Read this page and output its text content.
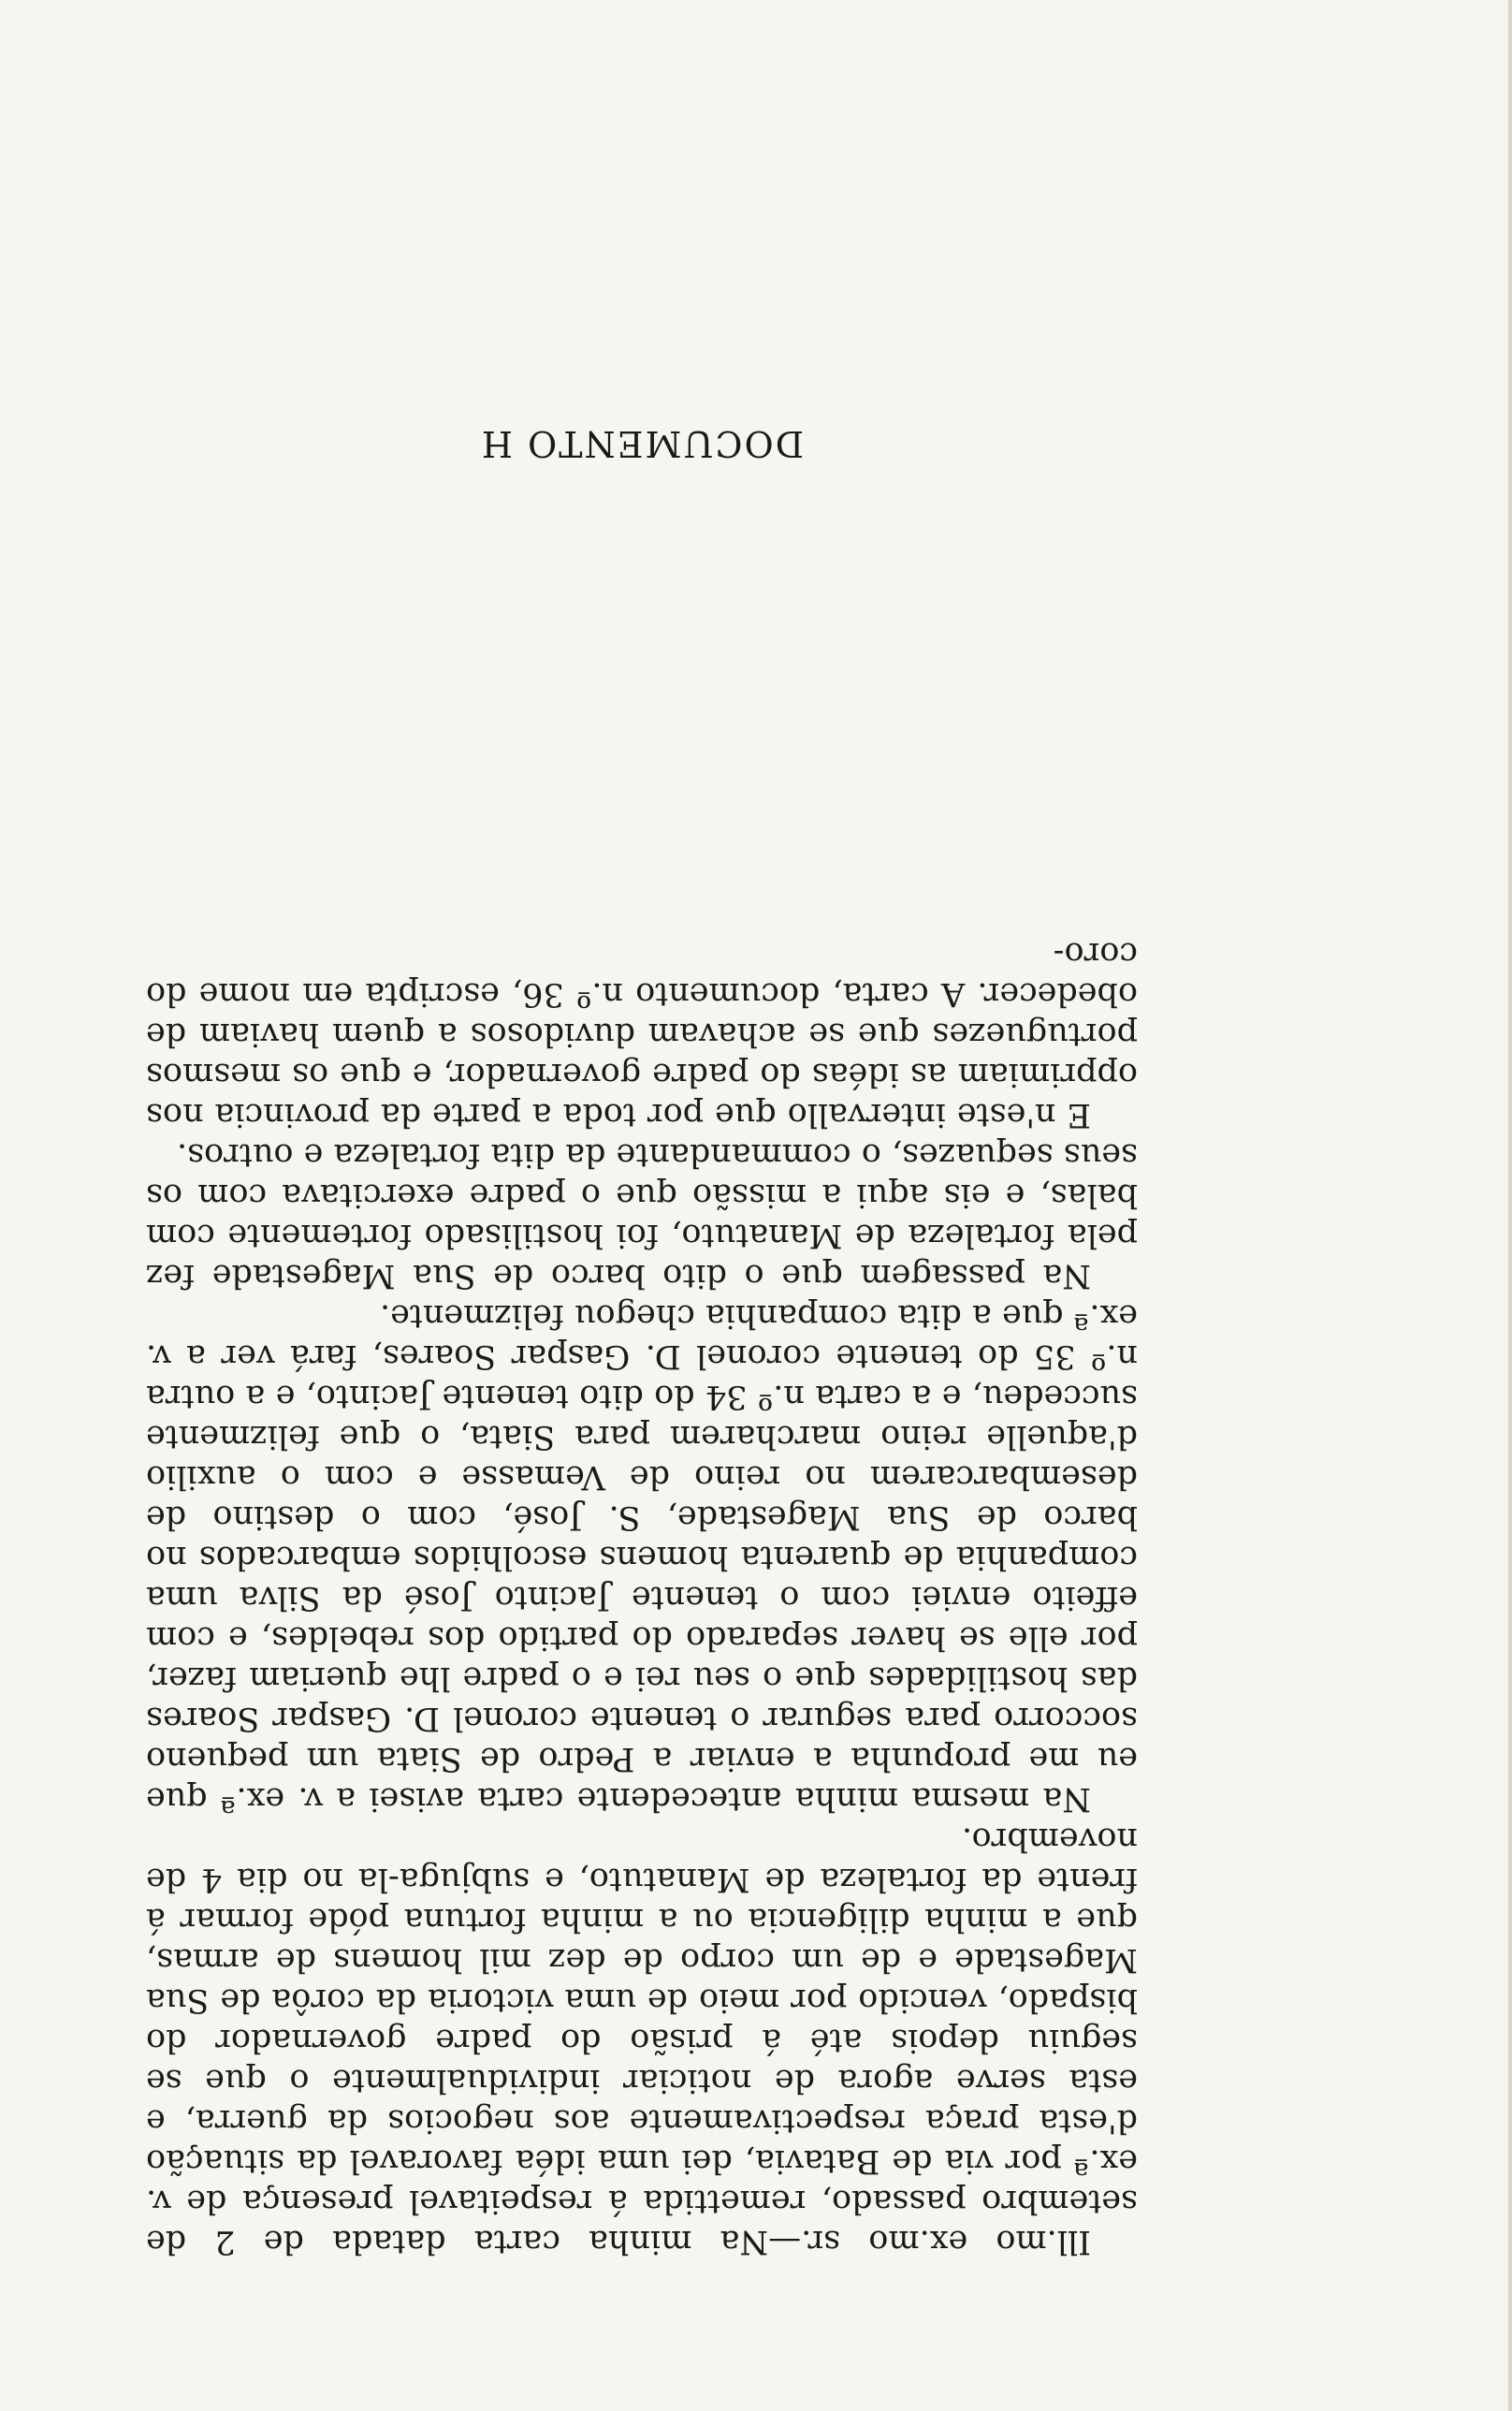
DOCUMENTO H

Ill.mo ex.mo sr.—Na minha carta datada de 2 de setembro passado, remettida á respeitavel presença de v. ex.ª por via de Batavia, dei uma idéa favoravel da situação d'esta praça respectivamente aos negocios da guerra, e esta serve agora de noticiar individualmente o que se seguiu depois até á prisão do padre governador do bispado, vencido por meio de uma victoria da corôa de Sua Magestade e de um corpo de dez mil homens de armas, que a minha diligencia ou a minha fortuna póde formar á frente da fortaleza de Manatuto, e subjuga-la no dia 4 de novembro.

Na mesma minha antecedente carta avisei a v. ex.ª que eu me propunha a enviar a Pedro de Siata um pequeno soccorro para segurar o tenente coronel D. Gaspar Soares das hostilidades que o seu rei e o padre lhe queriam fazer, por elle se haver separado do partido dos rebeldes, e com effeito enviei com o tenente Jacinto José da Silva uma companhia de quarenta homens escolhidos embarcados no barco de Sua Magestade, S. José, com o destino de desembarcarem no reino de Vemasse e com o auxilio d'aquelle reino marcharem para Siata, o que felizmente succedeu, e a carta n.º 34 do dito tenente Jacinto, e a outra n.º 35 do tenente coronel D. Gaspar Soares, fará ver a v. ex.ª que a dita companhia chegou felizmente.

Na passagem que o dito barco de Sua Magestade fez pela fortaleza de Manatuto, foi hostilisado fortemente com balas, e eis aqui a missão que o padre exercitava com os seus sequazes, o commandante da dita fortaleza e outros.

E n'este intervallo que por toda a parte da provincia nos opprimiam as idéas do padre governador, e que os mesmos portuguezes que se achavam duvidosos a quem haviam de obedecer. A carta, documento n.º 36, escripta em nome do coro-
